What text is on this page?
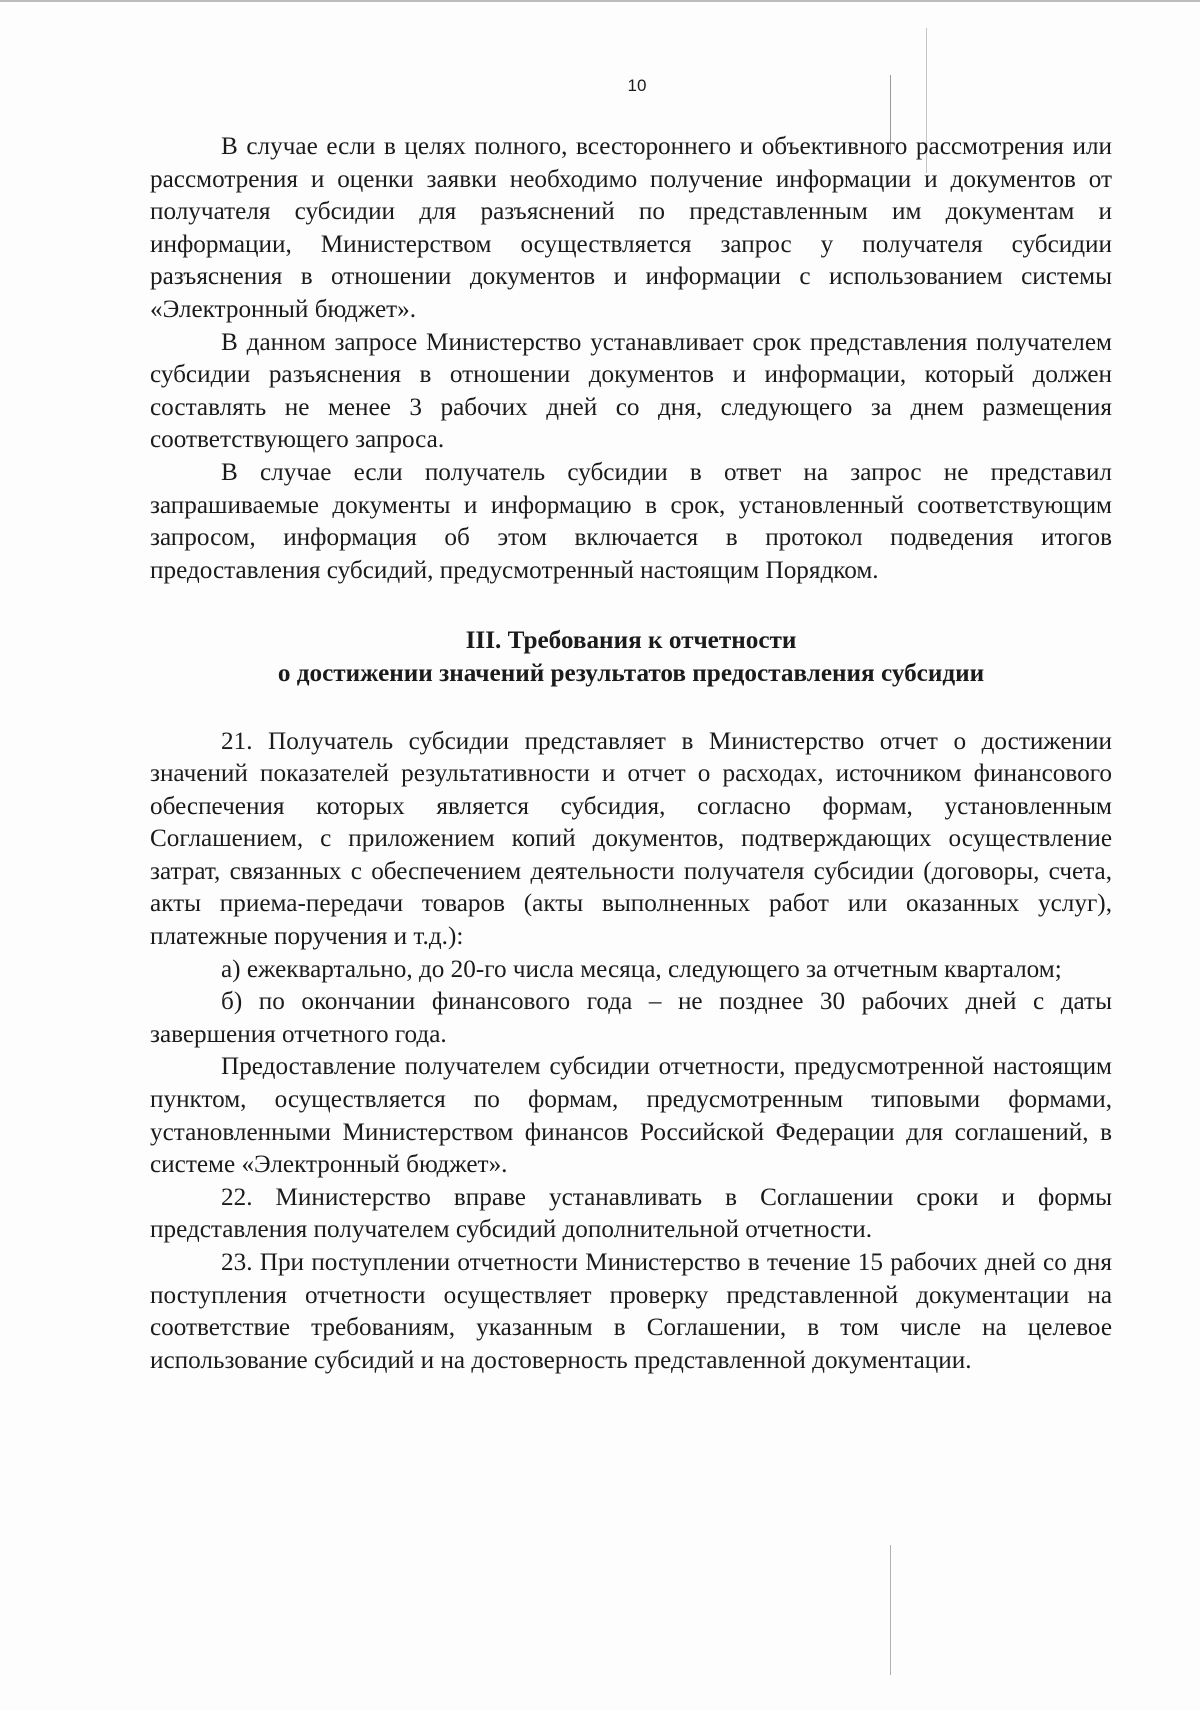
10

В случае если в целях полного, всестороннего и объективного рассмотрения или рассмотрения и оценки заявки необходимо получение информации и документов от получателя субсидии для разъяснений по представленным им документам и информации, Министерством осуществляется запрос у получателя субсидии разъяснения в отношении документов и информации с использованием системы «Электронный бюджет».

В данном запросе Министерство устанавливает срок представления получателем субсидии разъяснения в отношении документов и информации, который должен составлять не менее 3 рабочих дней со дня, следующего за днем размещения соответствующего запроса.

В случае если получатель субсидии в ответ на запрос не представил запрашиваемые документы и информацию в срок, установленный соответствующим запросом, информация об этом включается в протокол подведения итогов предоставления субсидий, предусмотренный настоящим Порядком.

III. Требования к отчетности
о достижении значений результатов предоставления субсидии

21. Получатель субсидии представляет в Министерство отчет о достижении значений показателей результативности и отчет о расходах, источником финансового обеспечения которых является субсидия, согласно формам, установленным Соглашением, с приложением копий документов, подтверждающих осуществление затрат, связанных с обеспечением деятельности получателя субсидии (договоры, счета, акты приема-передачи товаров (акты выполненных работ или оказанных услуг), платежные поручения и т.д.):

а) ежеквартально, до 20-го числа месяца, следующего за отчетным кварталом;

б) по окончании финансового года – не позднее 30 рабочих дней с даты завершения отчетного года.

Предоставление получателем субсидии отчетности, предусмотренной настоящим пунктом, осуществляется по формам, предусмотренным типовыми формами, установленными Министерством финансов Российской Федерации для соглашений, в системе «Электронный бюджет».

22. Министерство вправе устанавливать в Соглашении сроки и формы представления получателем субсидий дополнительной отчетности.

23. При поступлении отчетности Министерство в течение 15 рабочих дней со дня поступления отчетности осуществляет проверку представленной документации на соответствие требованиям, указанным в Соглашении, в том числе на целевое использование субсидий и на достоверность представленной документации.
